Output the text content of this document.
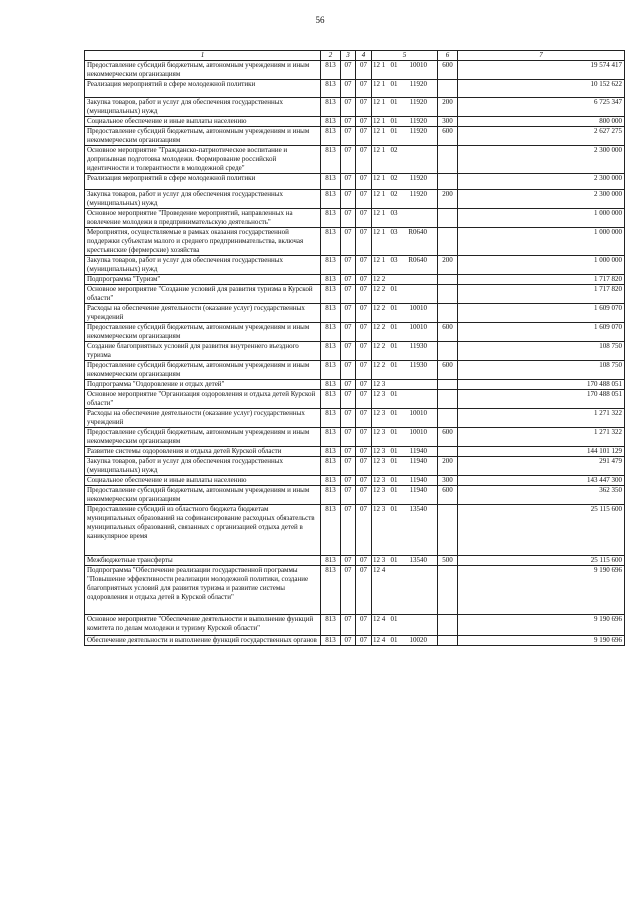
56
1	2	3	4	5	6	7
Предоставление субсидий бюджетным, автономным учреждениям и иным некоммерческим организациям	813	07	07	12 1 01 10010	600	19 574 417
Реализация мероприятий в сфере молодежной политики	813	07	07	12 1 01 11920		10 152 622
Закупка товаров, работ и услуг для обеспечения государственных (муниципальных) нужд	813	07	07	12 1 01 11920	200	6 725 347
Социальное обеспечение и иные выплаты населению	813	07	07	12 1 01 11920	300	800 000
Предоставление субсидий бюджетным, автономным учреждениям и иным некоммерческим организациям	813	07	07	12 1 01 11920	600	2 627 275
Основное мероприятие "Гражданско-патриотическое воспитание и допризывная подготовка молодежи. Формирование российской идентичности и толерантности в молодежной среде"	813	07	07	12 1 02		2 300 000
Реализация мероприятий в сфере молодежной политики	813	07	07	12 1 02 11920		2 300 000
Закупка товаров, работ и услуг для обеспечения государственных (муниципальных) нужд	813	07	07	12 1 02 11920	200	2 300 000
Основное мероприятие "Проведение мероприятий, направленных на вовлечение молодежи в предпринимательскую деятельность"	813	07	07	12 1 03		1 000 000
Мероприятия, осуществляемые в рамках оказания государственной поддержки субъектам малого и среднего предпринимательства, включая крестьянские (фермерские) хозяйства	813	07	07	12 1 03 R0640		1 000 000
Закупка товаров, работ и услуг для обеспечения государственных (муниципальных) нужд	813	07	07	12 1 03 R0640	200	1 000 000
Подпрограмма "Туризм"	813	07	07	12 2		1 717 820
Основное мероприятие "Создание условий для развития туризма в Курской области"	813	07	07	12 2 01		1 717 820
Расходы на обеспечение деятельности (оказание услуг) государственных учреждений	813	07	07	12 2 01 10010		1 609 070
Предоставление субсидий бюджетным, автономным учреждениям и иным некоммерческим организациям	813	07	07	12 2 01 10010	600	1 609 070
Создание благоприятных условий для развития внутреннего въездного туризма	813	07	07	12 2 01 11930		108 750
Предоставление субсидий бюджетным, автономным учреждениям и иным некоммерческим организациям	813	07	07	12 2 01 11930	600	108 750
Подпрограмма "Оздоровление и отдых детей"	813	07	07	12 3		170 488 051
Основное мероприятие "Организация оздоровления и отдыха детей Курской области"	813	07	07	12 3 01		170 488 051
Расходы на обеспечение деятельности (оказание услуг) государственных учреждений	813	07	07	12 3 01 10010		1 271 322
Предоставление субсидий бюджетным, автономным учреждениям и иным некоммерческим организациям	813	07	07	12 3 01 10010	600	1 271 322
Развитие системы оздоровления и отдыха детей Курской области	813	07	07	12 3 01 11940		144 101 129
Закупка товаров, работ и услуг для обеспечения государственных (муниципальных) нужд	813	07	07	12 3 01 11940	200	291 479
Социальное обеспечение и иные выплаты населению	813	07	07	12 3 01 11940	300	143 447 300
Предоставление субсидий бюджетным, автономным учреждениям и иным некоммерческим организациям	813	07	07	12 3 01 11940	600	362 350
Предоставление субсидий из областного бюджета бюджетам муниципальных образований на софинансирование расходных обязательств муниципальных образований, связанных с организацией отдыха детей в каникулярное время	813	07	07	12 3 01 13540		25 115 600
Межбюджетные трансферты	813	07	07	12 3 01 13540	500	25 115 600
Подпрограмма "Обеспечение реализации государственной программы "Повышение эффективности реализации молодежной политики, создание благоприятных условий для развития туризма и развитие системы оздоровления и отдыха детей в Курской области"	813	07	07	12 4		9 190 696
Основное мероприятие "Обеспечение деятельности и выполнение функций комитета по делам молодежи и туризму Курской области"	813	07	07	12 4 01		9 190 696
Обеспечение деятельности и выполнение функций государственных органов	813	07	07	12 4 01 10020		9 190 696
